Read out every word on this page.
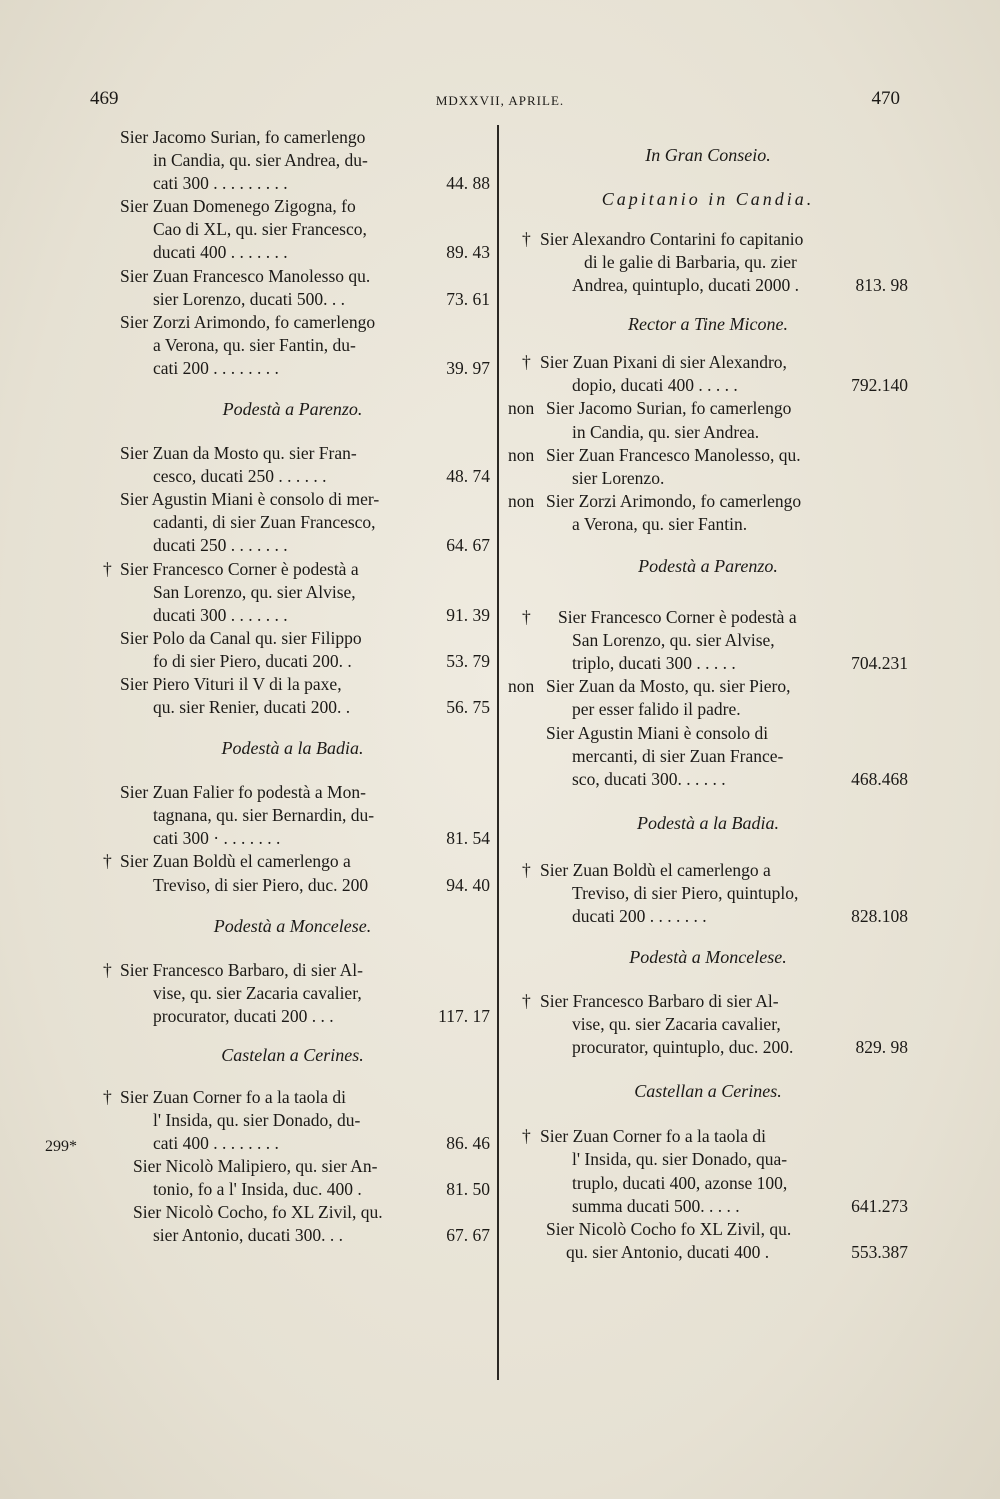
469	MDXXVII, APRILE.	470
299*
Sier Jacomo Surian, fo camerlengo
in Candia, qu. sier Andrea, du-
cati 300 . . . . . . . . .	44. 88
Sier Zuan Domenego Zigogna, fo
Cao di XL, qu. sier Francesco,
ducati 400 . . . . . . .	89. 43
Sier Zuan Francesco Manolesso qu.
sier Lorenzo, ducati 500. . .	73. 61
Sier Zorzi Arimondo, fo camerlengo
a Verona, qu. sier Fantin, du-
cati 200 . . . . . . . .	39. 97
Podestà a Parenzo.
Sier Zuan da Mosto qu. sier Fran-
cesco, ducati 250 . . . . . .	48. 74
Sier Agustin Miani è consolo di mer-
cadanti, di sier Zuan Francesco,
ducati 250 . . . . . . .	64. 67
† Sier Francesco Corner è podestà a
San Lorenzo, qu. sier Alvise,
ducati 300 . . . . . . .	91. 39
Sier Polo da Canal qu. sier Filippo
fo di sier Piero, ducati 200. .	53. 79
Sier Piero Vituri il V di la paxe,
qu. sier Renier, ducati 200. .	56. 75
Podestà a la Badia.
Sier Zuan Falier fo podestà a Mon-
tagnana, qu. sier Bernardin, du-
cati 300 · . . . . . . .	81. 54
† Sier Zuan Boldù el camerlengo a
Treviso, di sier Piero, duc. 200	94. 40
Podestà a Moncelese.
† Sier Francesco Barbaro, di sier Al-
vise, qu. sier Zacaria cavalier,
procurator, ducati 200 . . .	117. 17
Castelan a Cerines.
† Sier Zuan Corner fo a la taola di
l' Insida, qu. sier Donado, du-
cati 400 . . . . . . . .	86. 46
Sier Nicolò Malipiero, qu. sier An-
tonio, fo a l' Insida, duc. 400 .	81. 50
Sier Nicolò Cocho, fo XL Zivil, qu.
sier Antonio, ducati 300. . .	67. 67
In Gran Conseio.
Capitanio in Candia.
† Sier Alexandro Contarini fo capitanio
di le galie di Barbaria, qu. zier
Andrea, quintuplo, ducati 2000 .	813. 98
Rector a Tine Micone.
† Sier Zuan Pixani di sier Alexandro,
dopio, ducati 400 . . . . .	792.140
non Sier Jacomo Surian, fo camerlengo
in Candia, qu. sier Andrea.
non Sier Zuan Francesco Manolesso, qu.
sier Lorenzo.
non Sier Zorzi Arimondo, fo camerlengo
a Verona, qu. sier Fantin.
Podestà a Parenzo.
† Sier Francesco Corner è podestà a
San Lorenzo, qu. sier Alvise,
triplo, ducati 300 . . . . .	704.231
non Sier Zuan da Mosto, qu. sier Piero,
per esser falido il padre.
Sier Agustin Miani è consolo di
mercanti, di sier Zuan France-
sco, ducati 300. . . . . .	468.468
Podestà a la Badia.
† Sier Zuan Boldù el camerlengo a
Treviso, di sier Piero, quintuplo,
ducati 200 . . . . . . .	828.108
Podestà a Moncelese.
† Sier Francesco Barbaro di sier Al-
vise, qu. sier Zacaria cavalier,
procurator, quintuplo, duc. 200.	829. 98
Castellan a Cerines.
† Sier Zuan Corner fo a la taola di
l' Insida, qu. sier Donado, qua-
truplo, ducati 400, azonse 100,
summa ducati 500. . . . .	641.273
Sier Nicolò Cocho fo XL Zivil, qu.
qu. sier Antonio, ducati 400 .	553.387
